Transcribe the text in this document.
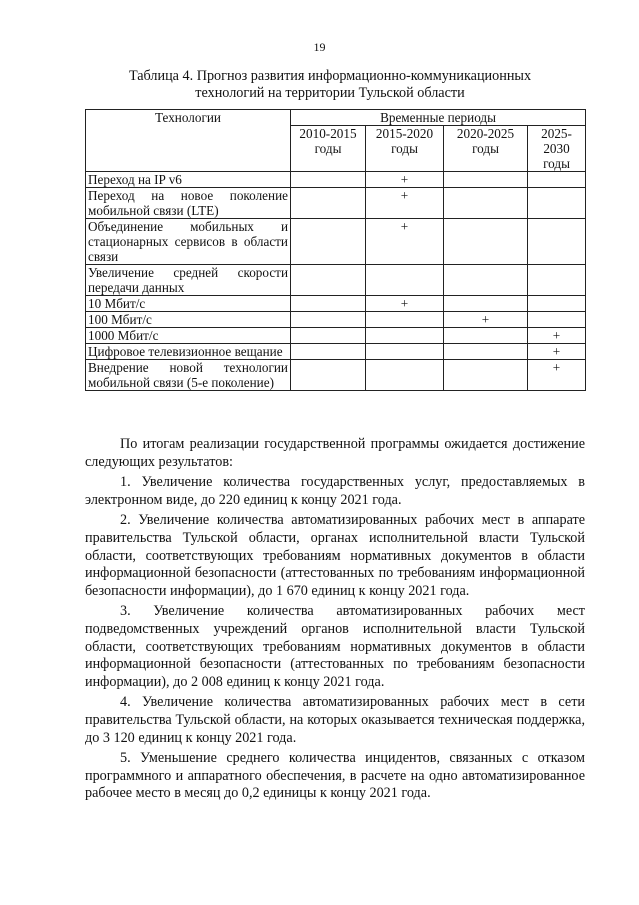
19
Таблица 4. Прогноз развития информационно-коммуникационных
технологий на территории Тульской области
Технологии	Временные периоды			
	2010-2015 годы	2015-2020 годы	2020-2025 годы	2025-2030 годы
Переход на IP v6		+		
Переход на новое поколение мобильной связи (LTE)		+		
Объединение мобильных и стационарных сервисов в области связи		+		
Увеличение средней скорости передачи данных				
10 Мбит/с		+		
100 Мбит/с			+	
1000 Мбит/с				+
Цифровое телевизионное вещание				+
Внедрение новой технологии мобильной связи (5-е поколение)				+

По итогам реализации государственной программы ожидается достижение следующих результатов:

1. Увеличение количества государственных услуг, предоставляемых в электронном виде, до 220 единиц к концу 2021 года.

2. Увеличение количества автоматизированных рабочих мест в аппарате правительства Тульской области, органах исполнительной власти Тульской области, соответствующих требованиям нормативных документов в области информационной безопасности (аттестованных по требованиям информационной безопасности информации), до 1 670 единиц к концу 2021 года.

3. Увеличение количества автоматизированных рабочих мест подведомственных учреждений органов исполнительной власти Тульской области, соответствующих требованиям нормативных документов в области информационной безопасности (аттестованных по требованиям безопасности информации), до 2 008 единиц к концу 2021 года.

4. Увеличение количества автоматизированных рабочих мест в сети правительства Тульской области, на которых оказывается техническая поддержка, до 3 120 единиц к концу 2021 года.

5. Уменьшение среднего количества инцидентов, связанных с отказом программного и аппаратного обеспечения, в расчете на одно автоматизированное рабочее место в месяц до 0,2 единицы к концу 2021 года.
